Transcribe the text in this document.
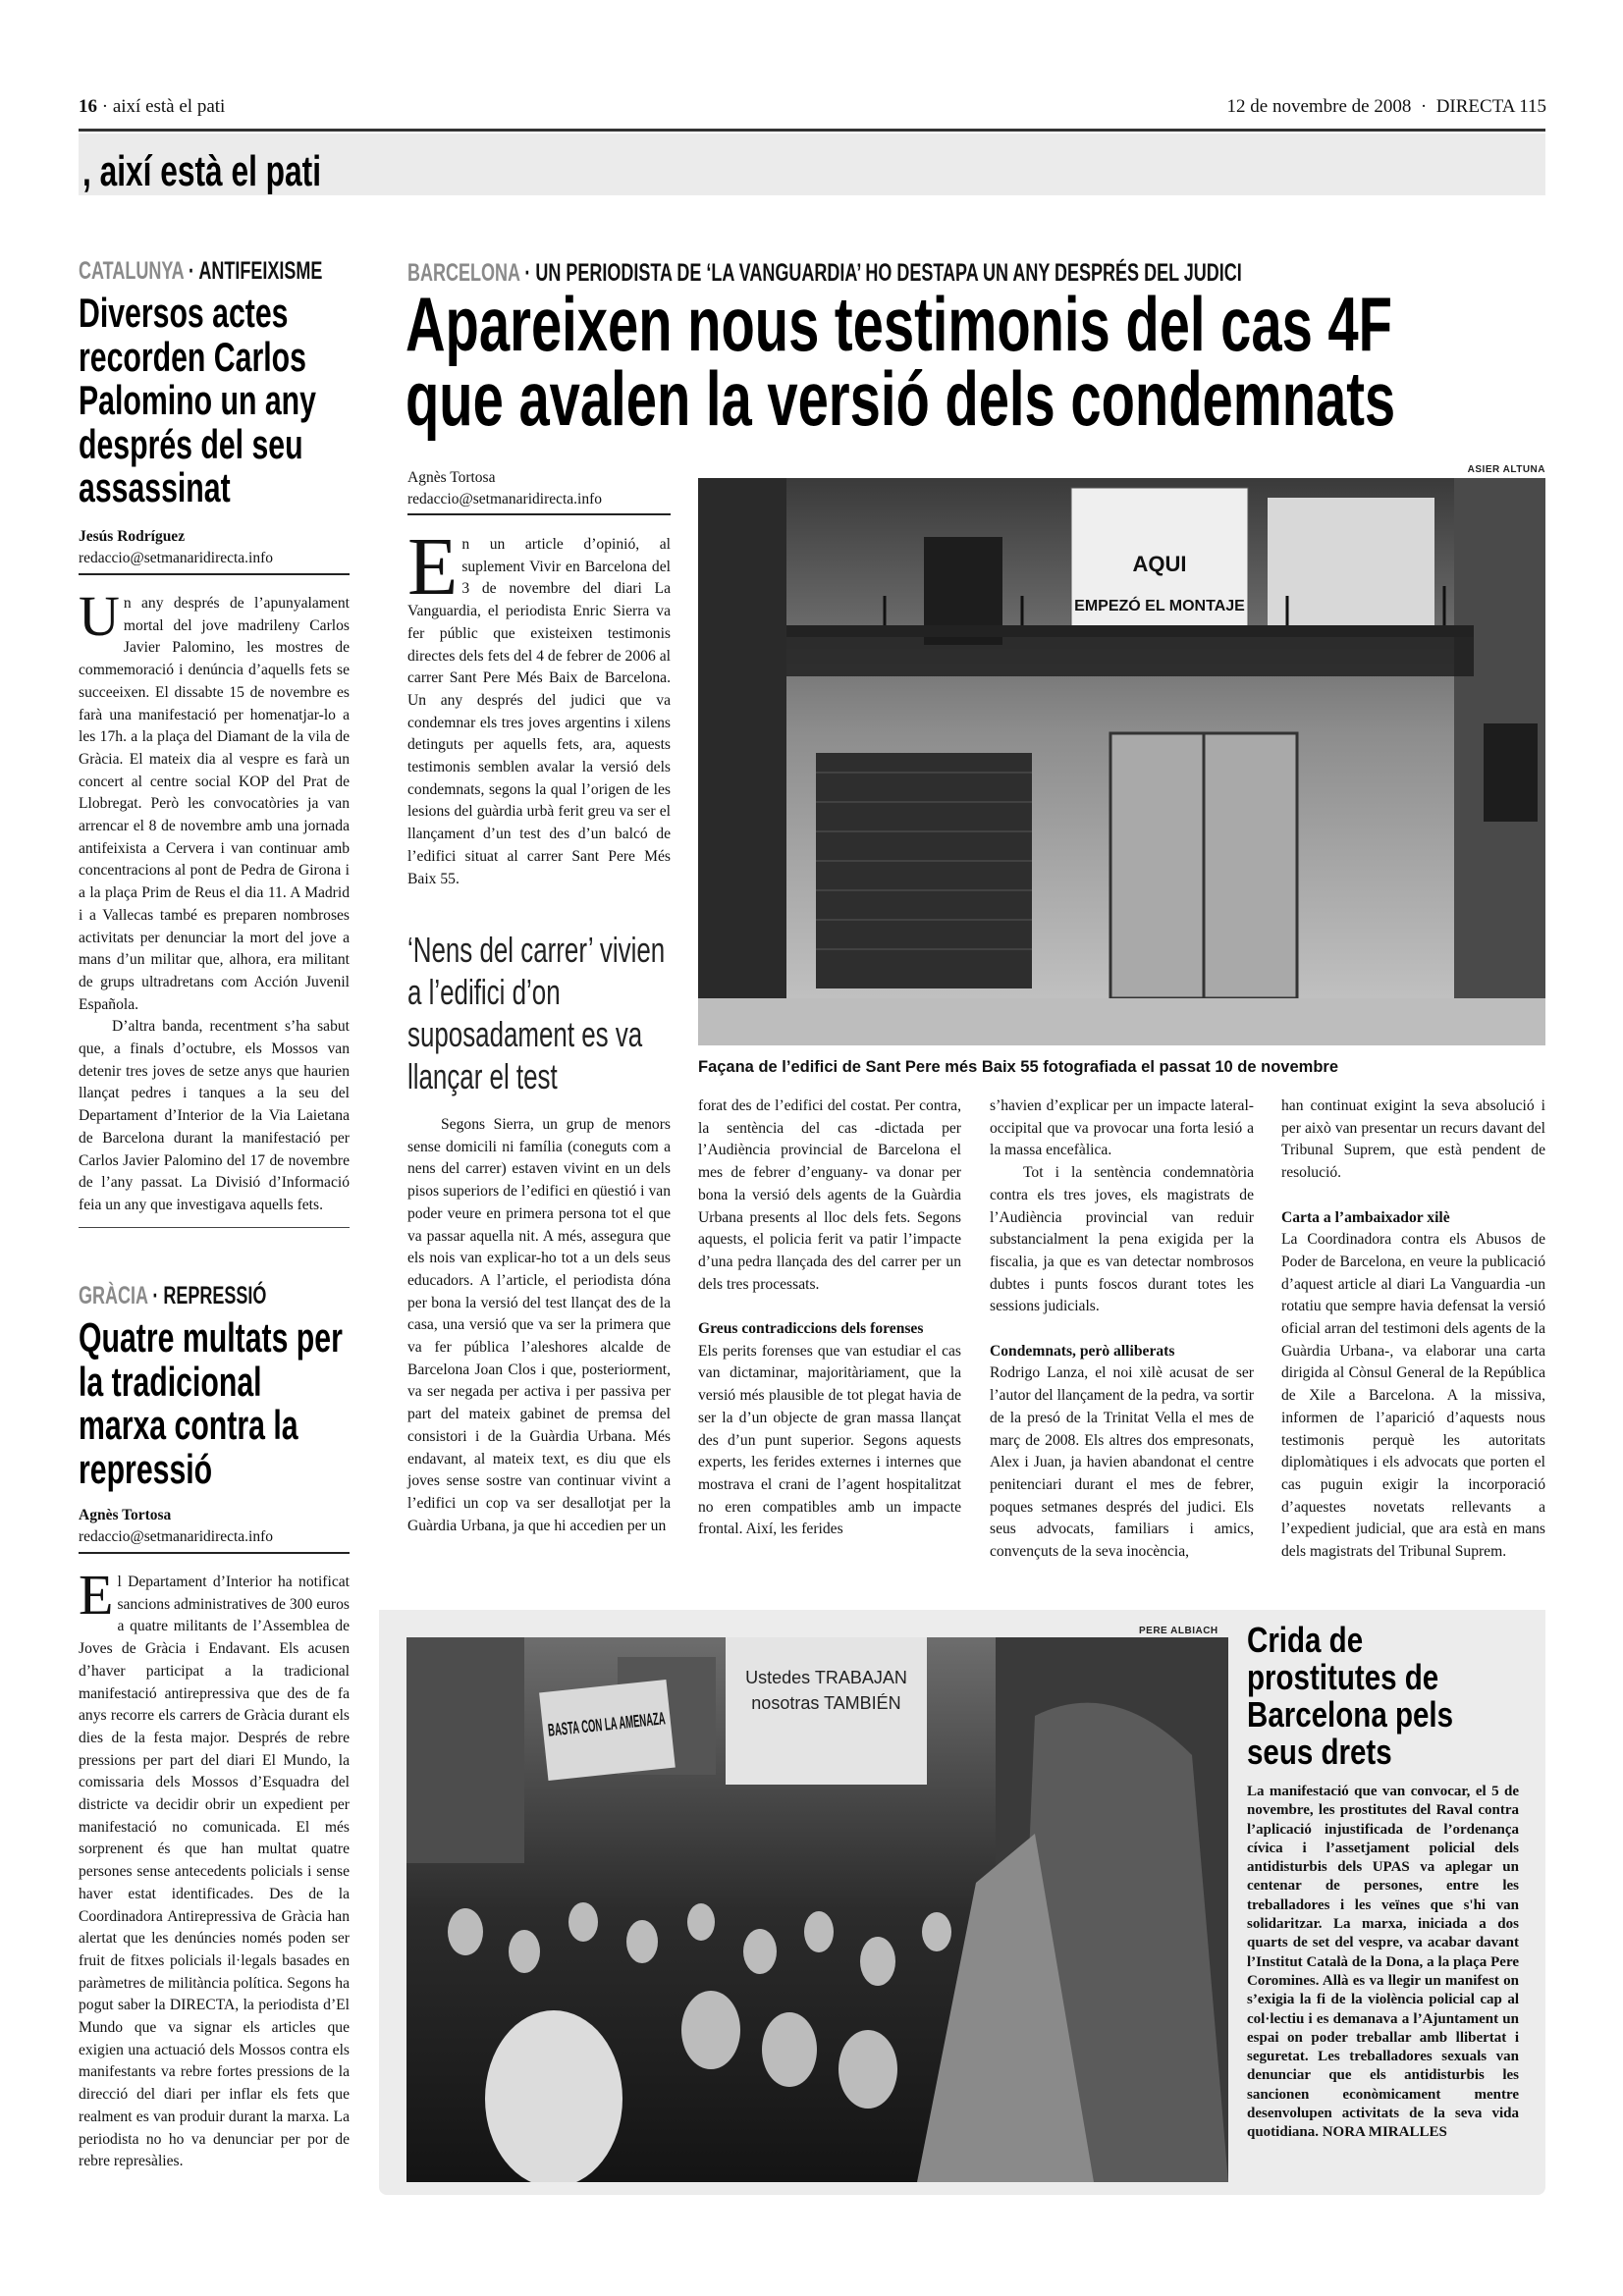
16 · així està el pati	12 de novembre de 2008  ·  DIRECTA 115
, així està el pati
CATALUNYA · ANTIFEIXISME
Diversos actes recorden Carlos Palomino un any després del seu assassinat
Jesús Rodríguez
redaccio@setmanaridirecta.info

Un any després de l’apunyalament mortal del jove madrileny Carlos Javier Palomino, les mostres de commemoració i denúncia d’aquells fets se succeeixen. El dissabte 15 de novembre es farà una manifestació per homenatjar-lo a les 17h. a la plaça del Diamant de la vila de Gràcia. El mateix dia al vespre es farà un concert al centre social KOP del Prat de Llobregat. Però les convocatòries ja van arrencar el 8 de novembre amb una jornada antifeixista a Cervera i van continuar amb concentracions al pont de Pedra de Girona i a la plaça Prim de Reus el dia 11. A Madrid i a Vallecas també es preparen nombroses activitats per denunciar la mort del jove a mans d’un militar que, alhora, era militant de grups ultradretans com Acción Juvenil Española.

D’altra banda, recentment s’ha sabut que, a finals d’octubre, els Mossos van detenir tres joves de setze anys que haurien llançat pedres i tanques a la seu del Departament d’Interior de la Via Laietana de Barcelona durant la manifestació per Carlos Javier Palomino del 17 de novembre de l’any passat. La Divisió d’Informació feia un any que investigava aquells fets.

GRÀCIA · REPRESSIÓ
Quatre multats per la tradicional marxa contra la repressió
Agnès Tortosa
redaccio@setmanaridirecta.info

El Departament d’Interior ha notificat sancions administratives de 300 euros a quatre militants de l’Assemblea de Joves de Gràcia i Endavant. Els acusen d’haver participat a la tradicional manifestació antirepressiva que des de fa anys recorre els carrers de Gràcia durant els dies de la festa major. Després de rebre pressions per part del diari El Mundo, la comissaria dels Mossos d’Esquadra del districte va decidir obrir un expedient per manifestació no comunicada. El més sorprenent és que han multat quatre persones sense antecedents policials i sense haver estat identificades. Des de la Coordinadora Antirepressiva de Gràcia han alertat que les denúncies només poden ser fruit de fitxes policials il·legals basades en paràmetres de militància política. Segons ha pogut saber la DIRECTA, la periodista d’El Mundo que va signar els articles que exigien una actuació dels Mossos contra els manifestants va rebre fortes pressions de la direcció del diari per inflar els fets que realment es van produir durant la marxa. La periodista no ho va denunciar per por de rebre represàlies.

BARCELONA · UN PERIODISTA DE ‘LA VANGUARDIA’ HO DESTAPA UN ANY DESPRÉS DEL JUDICI
Apareixen nous testimonis del cas 4F
que avalen la versió dels condemnats
Agnès Tortosa
redaccio@setmanaridirecta.info
ASIER ALTUNA
AQUI
EMPEZÓ EL MONTAJE
Façana de l’edifici de Sant Pere més Baix 55 fotografiada el passat 10 de novembre

En un article d’opinió, al suplement Vivir en Barcelona del 3 de novembre del diari La Vanguardia, el periodista Enric Sierra va fer públic que existeixen testimonis directes dels fets del 4 de febrer de 2006 al carrer Sant Pere Més Baix de Barcelona. Un any després del judici que va condemnar els tres joves argentins i xilens detinguts per aquells fets, ara, aquests testimonis semblen avalar la versió dels condemnats, segons la qual l’origen de les lesions del guàrdia urbà ferit greu va ser el llançament d’un test des d’un balcó de l’edifici situat al carrer Sant Pere Més Baix 55.

‘Nens del carrer’ vivien a l’edifici d’on suposadament es va llançar el test

Segons Sierra, un grup de menors sense domicili ni família (coneguts com a nens del carrer) estaven vivint en un dels pisos superiors de l’edifici en qüestió i van poder veure en primera persona tot el que va passar aquella nit. A més, assegura que els nois van explicar-ho tot a un dels seus educadors. A l’article, el periodista dóna per bona la versió del test llançat des de la casa, una versió que va ser la primera que va fer pública l’aleshores alcalde de Barcelona Joan Clos i que, posteriorment, va ser negada per activa i per passiva per part del mateix gabinet de premsa del consistori i de la Guàrdia Urbana. Més endavant, al mateix text, es diu que els joves sense sostre van continuar vivint a l’edifici un cop va ser desallotjat per la Guàrdia Urbana, ja que hi accedien per un

forat des de l’edifici del costat. Per contra, la sentència del cas -dictada per l’Audiència provincial de Barcelona el mes de febrer d’enguany- va donar per bona la versió dels agents de la Guàrdia Urbana presents al lloc dels fets. Segons aquests, el policia ferit va patir l’impacte d’una pedra llançada des del carrer per un dels tres processats.

Greus contradiccions dels forenses

Els perits forenses que van estudiar el cas van dictaminar, majoritàriament, que la versió més plausible de tot plegat havia de ser la d’un objecte de gran massa llançat des d’un punt superior. Segons aquests experts, les ferides externes i internes que mostrava el crani de l’agent hospitalitzat no eren compatibles amb un impacte frontal. Així, les ferides

s’havien d’explicar per un impacte lateral-occipital que va provocar una forta lesió a la massa encefàlica.

Tot i la sentència condemnatòria contra els tres joves, els magistrats de l’Audiència provincial van reduir substancialment la pena exigida per la fiscalia, ja que es van detectar nombrosos dubtes i punts foscos durant totes les sessions judicials.

Condemnats, però alliberats

Rodrigo Lanza, el noi xilè acusat de ser l’autor del llançament de la pedra, va sortir de la presó de la Trinitat Vella el mes de març de 2008. Els altres dos empresonats, Alex i Juan, ja havien abandonat el centre penitenciari durant el mes de febrer, poques setmanes després del judici. Els seus advocats, familiars i amics, convençuts de la seva inocència,

han continuat exigint la seva absolució i per això van presentar un recurs davant del Tribunal Suprem, que està pendent de resolució.

Carta a l’ambaixador xilè

La Coordinadora contra els Abusos de Poder de Barcelona, en veure la publicació d’aquest article al diari La Vanguardia -un rotatiu que sempre havia defensat la versió oficial arran del testimoni dels agents de la Guàrdia Urbana-, va elaborar una carta dirigida al Cònsul General de la República de Xile a Barcelona. A la missiva, informen de l’aparició d’aquests nous testimonis perquè les autoritats diplomàtiques i els advocats que porten el cas puguin exigir la incorporació d’aquestes novetats rellevants a l’expedient judicial, que ara està en mans dels magistrats del Tribunal Suprem.

PERE ALBIACH
BASTA CON LA AMENAZA
Ustedes TRABAJAN nosotras TAMBIÉN
Crida de prostitutes de Barcelona pels seus drets
La manifestació que van convocar, el 5 de novembre, les prostitutes del Raval contra l’aplicació injustificada de l’ordenança cívica i l’assetjament policial dels antidisturbis dels UPAS va aplegar un centenar de persones, entre les treballadores i les veïnes que s'hi van solidaritzar. La marxa, iniciada a dos quarts de set del vespre, va acabar davant l’Institut Català de la Dona, a la plaça Pere Coromines. Allà es va llegir un manifest on s’exigia la fi de la violència policial cap al col·lectiu i es demanava a l’Ajuntament un espai on poder treballar amb llibertat i seguretat. Les treballadores sexuals van denunciar que els antidisturbis les sancionen econòmicament mentre desenvolupen activitats de la seva vida quotidiana. NORA MIRALLES
